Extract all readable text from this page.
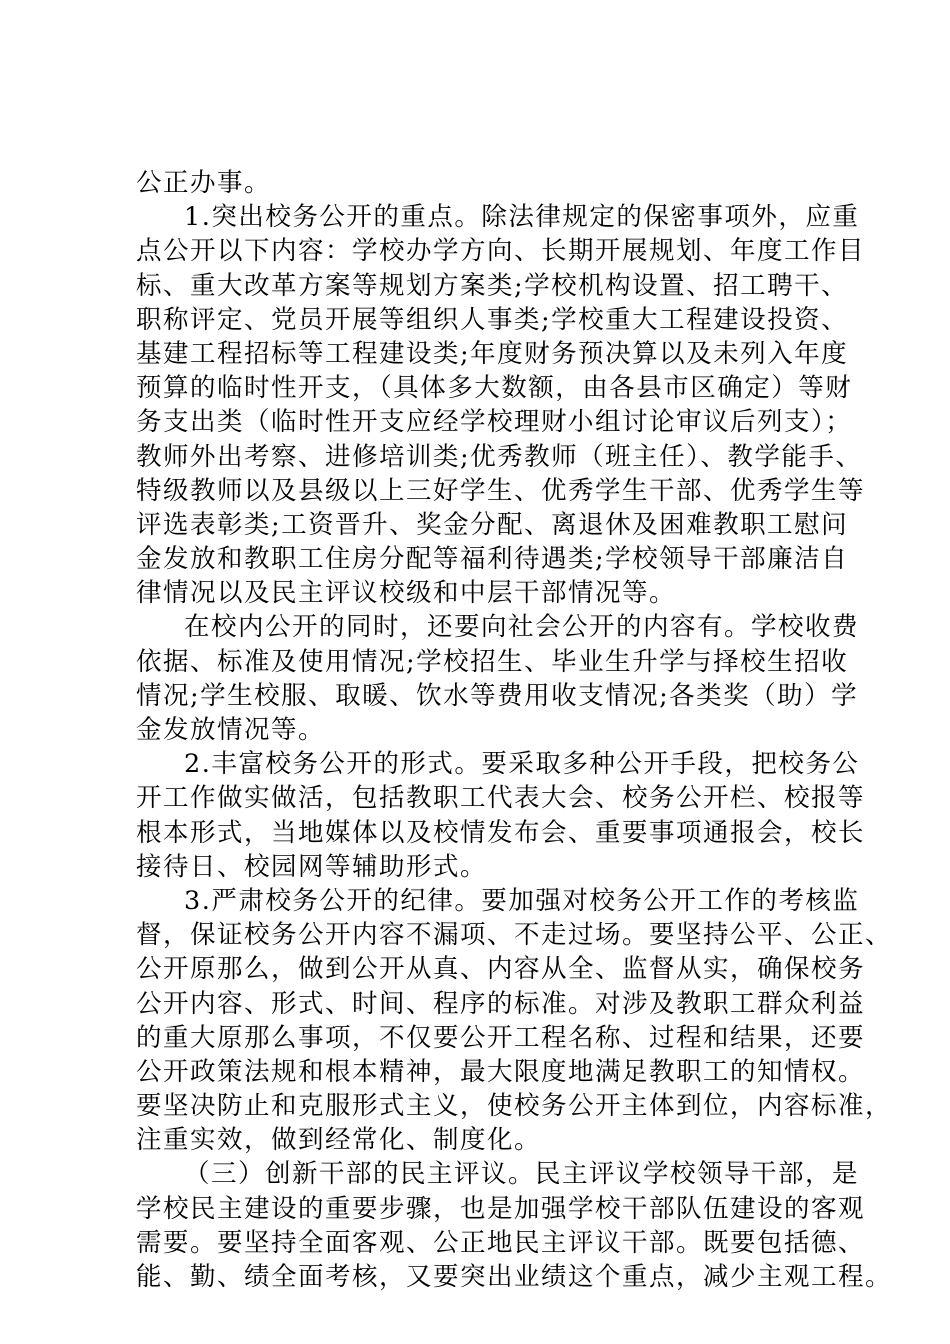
公正办事。
1.突出校务公开的重点。除法律规定的保密事项外，应重
点公开以下内容：学校办学方向、长期开展规划、年度工作目
标、重大改革方案等规划方案类;学校机构设置、招工聘干、
职称评定、党员开展等组织人事类;学校重大工程建设投资、
基建工程招标等工程建设类;年度财务预决算以及未列入年度
预算的临时性开支，（具体多大数额，由各县市区确定）等财
务支出类（临时性开支应经学校理财小组讨论审议后列支）；
教师外出考察、进修培训类;优秀教师（班主任）、教学能手、
特级教师以及县级以上三好学生、优秀学生干部、优秀学生等
评选表彰类;工资晋升、奖金分配、离退休及困难教职工慰问
金发放和教职工住房分配等福利待遇类;学校领导干部廉洁自
律情况以及民主评议校级和中层干部情况等。
在校内公开的同时，还要向社会公开的内容有。学校收费
依据、标准及使用情况;学校招生、毕业生升学与择校生招收
情况;学生校服、取暖、饮水等费用收支情况;各类奖（助）学
金发放情况等。
2.丰富校务公开的形式。要采取多种公开手段，把校务公
开工作做实做活，包括教职工代表大会、校务公开栏、校报等
根本形式，当地媒体以及校情发布会、重要事项通报会，校长
接待日、校园网等辅助形式。
3.严肃校务公开的纪律。要加强对校务公开工作的考核监
督，保证校务公开内容不漏项、不走过场。要坚持公平、公正、
公开原那么，做到公开从真、内容从全、监督从实，确保校务
公开内容、形式、时间、程序的标准。对涉及教职工群众利益
的重大原那么事项，不仅要公开工程名称、过程和结果，还要
公开政策法规和根本精神，最大限度地满足教职工的知情权。
要坚决防止和克服形式主义，使校务公开主体到位，内容标准，
注重实效，做到经常化、制度化。
（三）创新干部的民主评议。民主评议学校领导干部，是
学校民主建设的重要步骤，也是加强学校干部队伍建设的客观
需要。要坚持全面客观、公正地民主评议干部。既要包括德、
能、勤、绩全面考核，又要突出业绩这个重点，减少主观工程。
